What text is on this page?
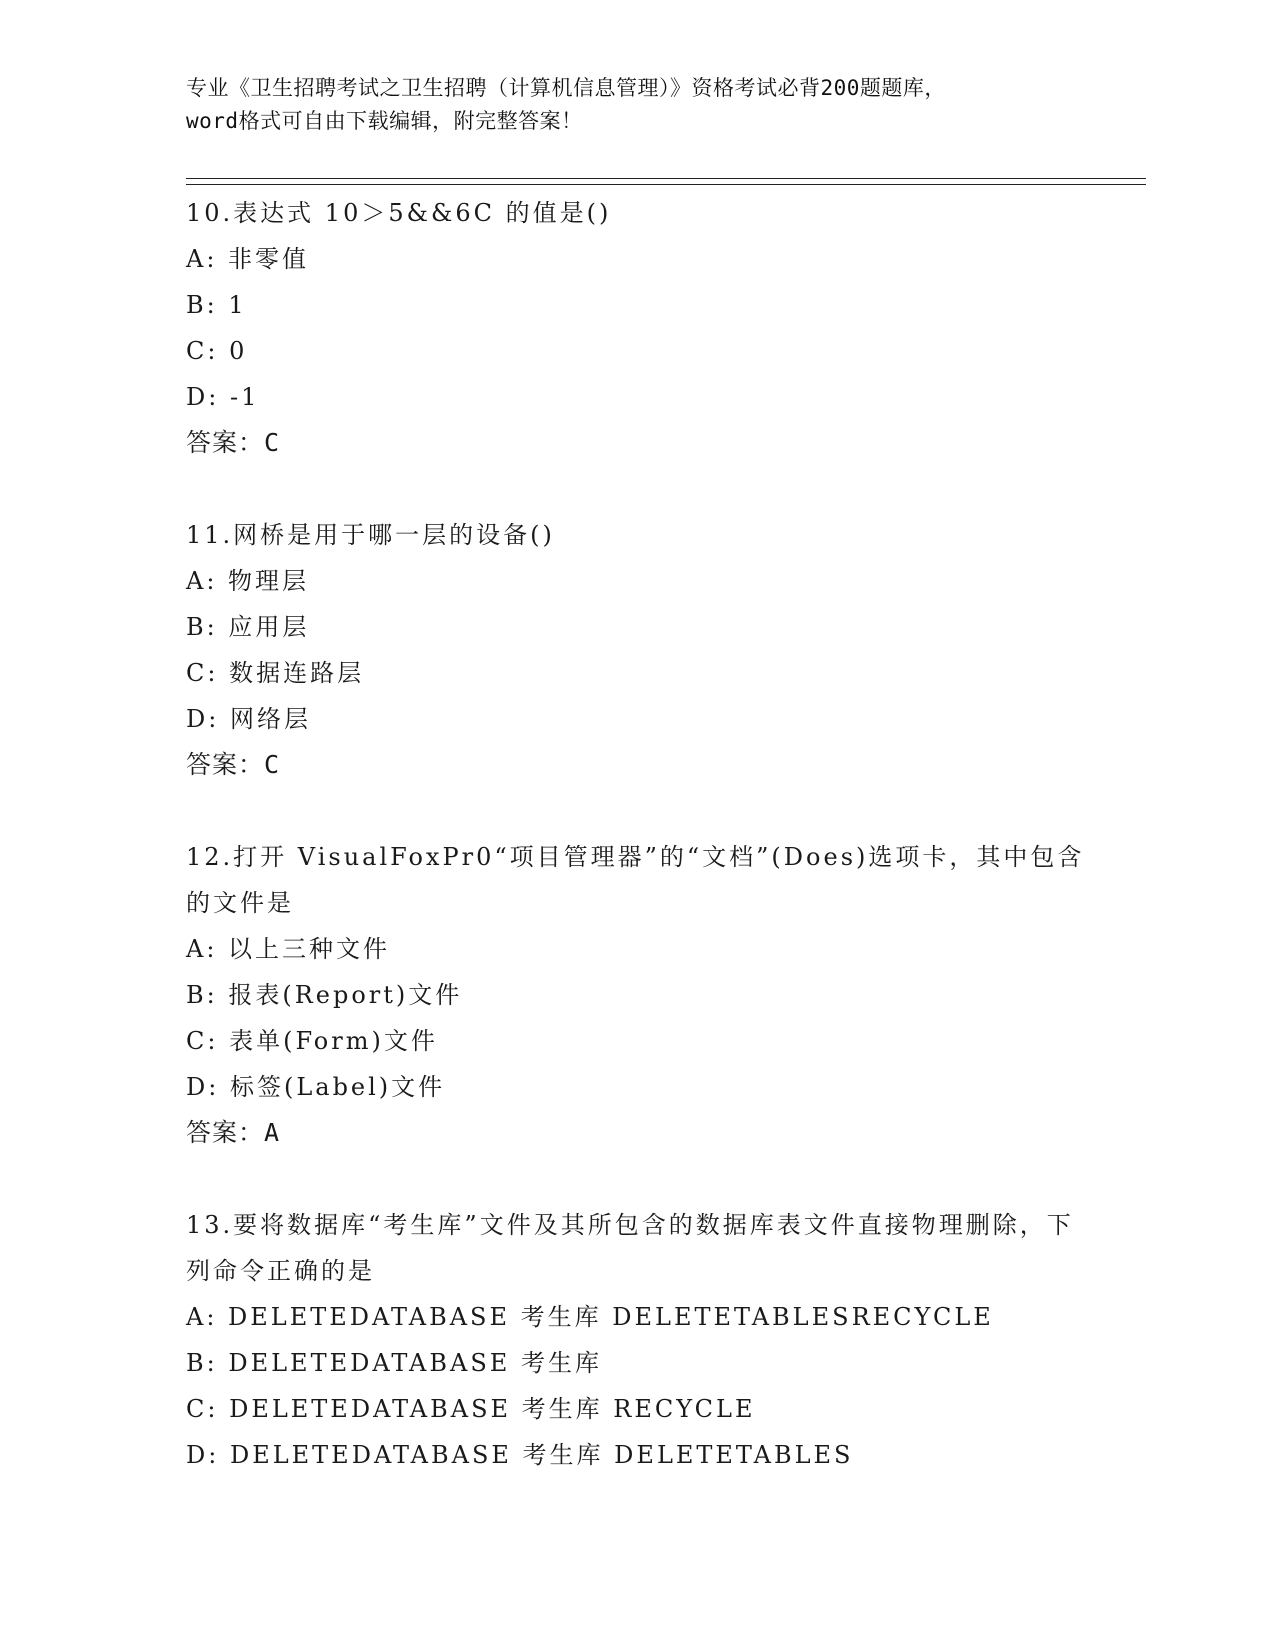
专业《卫生招聘考试之卫生招聘（计算机信息管理）》资格考试必背200题题库，
word格式可自由下载编辑，附完整答案！
10.表达式 10＞5&&6C 的值是()
A: 非零值
B: 1
C: 0
D: -1
答案：C
11.网桥是用于哪一层的设备()
A: 物理层
B: 应用层
C: 数据连路层
D: 网络层
答案：C
12.打开 VisualFoxPr0“项目管理器”的“文档”(Does)选项卡，其中包含的文件是
A: 以上三种文件
B: 报表(Report)文件
C: 表单(Form)文件
D: 标签(Label)文件
答案：A
13.要将数据库“考生库”文件及其所包含的数据库表文件直接物理删除，下列命令正确的是
A: DELETEDATABASE 考生库 DELETETABLESRECYCLE
B: DELETEDATABASE 考生库
C: DELETEDATABASE 考生库 RECYCLE
D: DELETEDATABASE 考生库 DELETETABLES
